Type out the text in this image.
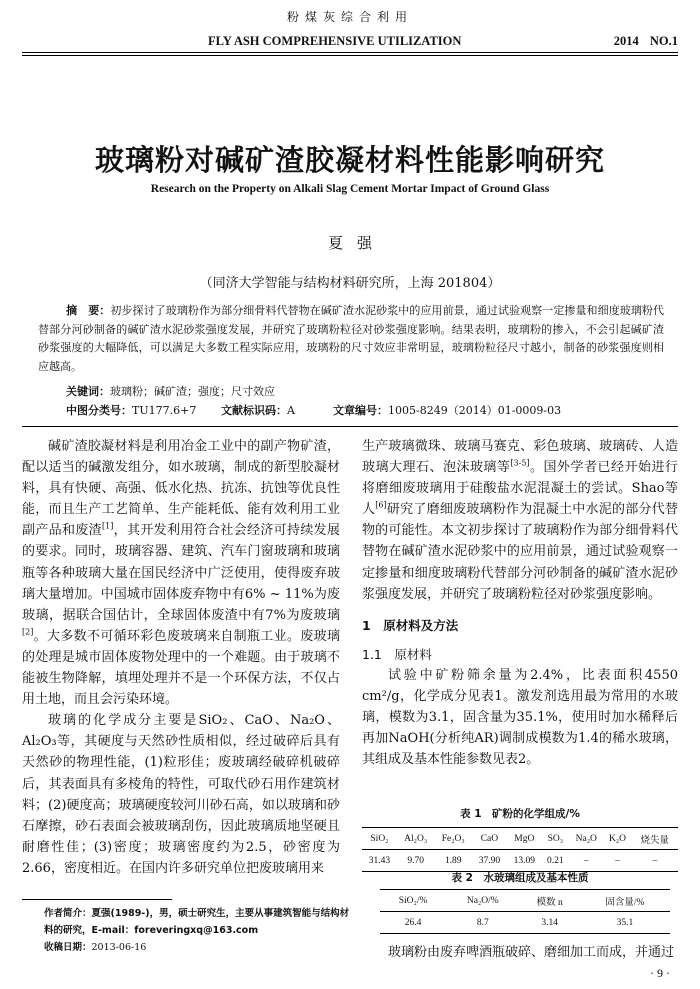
粉煤灰综合利用
FLY ASH COMPREHENSIVE UTILIZATION	2014 NO.1
玻璃粉对碱矿渣胶凝材料性能影响研究
Research on the Property on Alkali Slag Cement Mortar Impact of Ground Glass
夏强
（同济大学智能与结构材料研究所，上海 201804）
摘　要：初步探讨了玻璃粉作为部分细骨料代替物在碱矿渣水泥砂浆中的应用前景，通过试验观察一定掺量和细度玻璃粉代替部分河砂制备的碱矿渣水泥砂浆强度发展，并研究了玻璃粉粒径对砂浆强度影响。结果表明，玻璃粉的掺入，不会引起碱矿渣砂浆强度的大幅降低，可以满足大多数工程实际应用，玻璃粉的尺寸效应非常明显，玻璃粉粒径尺寸越小，制备的砂浆强度则相应越高。
关键词：玻璃粉；碱矿渣；强度；尺寸效应
中图分类号：TU177.6+7 文献标识码：A	文章编号：1005-8249（2014）01-0009-03

碱矿渣胶凝材料是利用冶金工业中的副产物矿渣，配以适当的碱激发组分，如水玻璃，制成的新型胶凝材料，具有快硬、高强、低水化热、抗冻、抗蚀等优良性能，而且生产工艺简单、生产能耗低、能有效利用工业副产品和废渣[1]，其开发利用符合社会经济可持续发展的要求。同时，玻璃容器、建筑、汽车门窗玻璃和玻璃瓶等各种玻璃大量在国民经济中广泛使用，使得废弃玻璃大量增加。中国城市固体废弃物中有6% ~ 11%为废玻璃，据联合国估计，全球固体废渣中有7%为废玻璃[2]。大多数不可循环彩色废玻璃来自制瓶工业。废玻璃的处理是城市固体废物处理中的一个难题。由于玻璃不能被生物降解，填埋处理并不是一个环保方法，不仅占用土地，而且会污染环境。

玻璃的化学成分主要是SiO₂、CaO、Na₂O、Al₂O₃等，其硬度与天然砂性质相似，经过破碎后具有天然砂的物理性能，(1)粒形佳；废玻璃经破碎机破碎后，其表面具有多棱角的特性，可取代砂石用作建筑材料；(2)硬度高；玻璃硬度较河川砂石高，如以玻璃和砂石摩擦，砂石表面会被玻璃刮伤，因此玻璃质地坚硬且耐磨性佳；(3)密度；玻璃密度约为2.5，砂密度为2.66，密度相近。在国内许多研究单位把废玻璃用来

作者简介：夏强(1989-)，男，硕士研究生，主要从事建筑智能与结构材料的研究，E-mail：foreveringxq@163.com
收稿日期：2013-06-16

生产玻璃微珠、玻璃马赛克、彩色玻璃、玻璃砖、人造玻璃大理石、泡沫玻璃等[3-5]。国外学者已经开始进行将磨细废玻璃用于硅酸盐水泥混凝土的尝试。Shao等人[6]研究了磨细废玻璃粉作为混凝土中水泥的部分代替物的可能性。本文初步探讨了玻璃粉作为部分细骨料代替物在碱矿渣水泥砂浆中的应用前景，通过试验观察一定掺量和细度玻璃粉代替部分河砂制备的碱矿渣水泥砂浆强度发展，并研究了玻璃粉粒径对砂浆强度影响。

1　原材料及方法

1.1　原材料

试验中矿粉筛余量为2.4%，比表面积4550 cm²/g，化学成分见表1。激发剂选用最为常用的水玻璃，模数为3.1，固含量为35.1%，使用时加水稀释后再加NaOH(分析纯AR)调制成模数为1.4的稀水玻璃，其组成及基本性能参数见表2。

表 1　矿粉的化学组成/%
SiO₂	Al₂O₃	Fe₂O₃	CaO	MgO	SO₃	Na₂O	K₂O	烧失量
31.43	9.70	1.89	37.90	13.09	0.21	–	–	–
表 2　水玻璃组成及基本性质
SiO₂/%	Na₂O/%	模数 n	固含量/%
26.4	8.7	3.14	35.1

玻璃粉由废弃啤酒瓶破碎、磨细加工而成，并通过

· 9 ·
